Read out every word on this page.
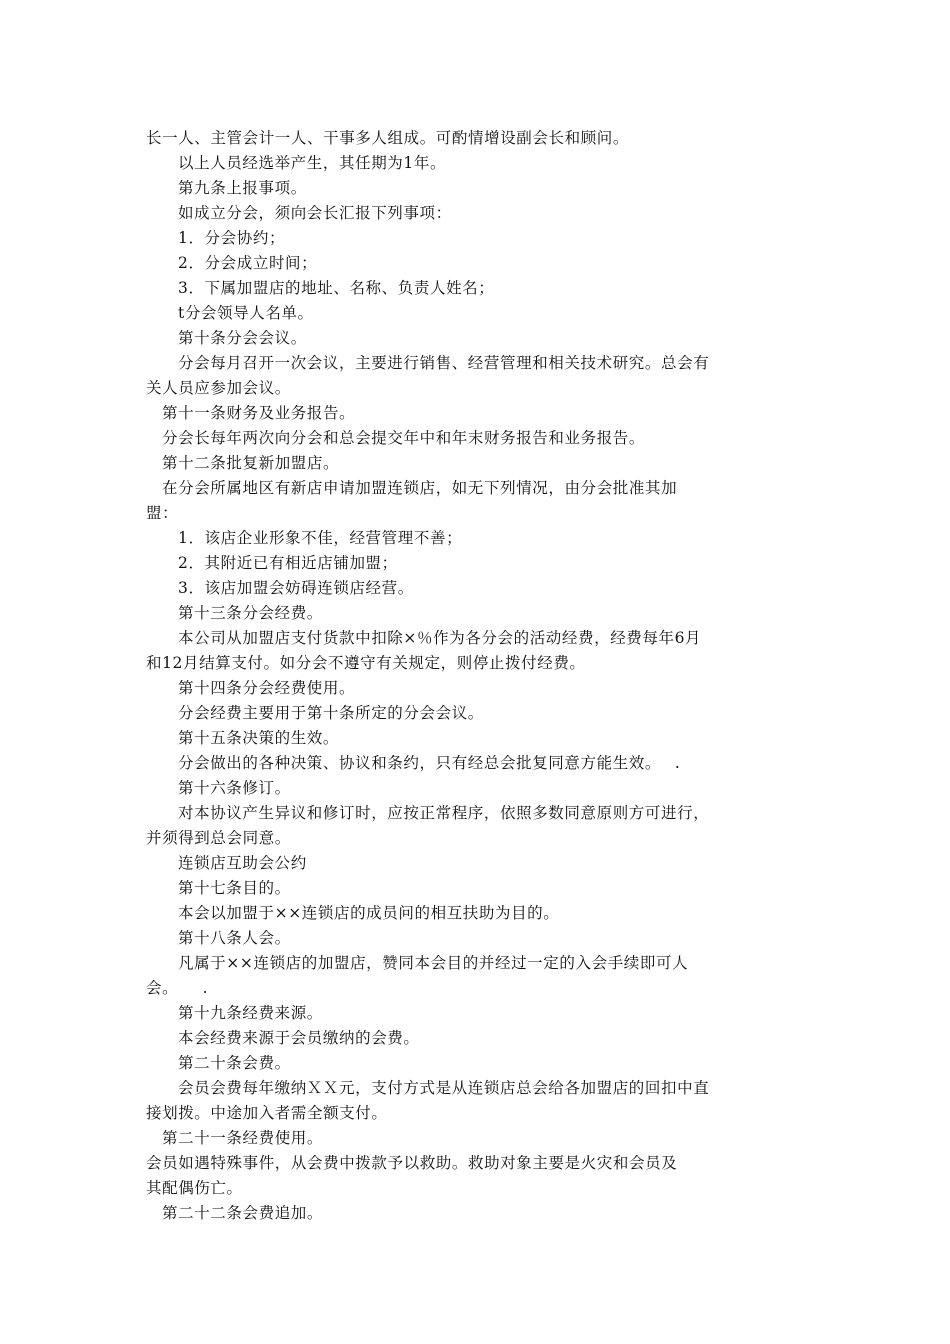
长一人、主管会计一人、干事多人组成。可酌情增设副会长和顾问。
以上人员经选举产生，其任期为1年。
第九条上报事项。
如成立分会，须向会长汇报下列事项：
1．分会协约；
2．分会成立时间；
3．下属加盟店的地址、名称、负责人姓名；
t分会领导人名单。
第十条分会会议。
分会每月召开一次会议，主要进行销售、经营管理和相关技术研究。总会有
关人员应参加会议。
第十一条财务及业务报告。
分会长每年两次向分会和总会提交年中和年末财务报告和业务报告。
第十二条批复新加盟店。
在分会所属地区有新店申请加盟连锁店，如无下列情况，由分会批准其加
盟：
1．该店企业形象不佳，经营管理不善；
2．其附近已有相近店铺加盟；
3．该店加盟会妨碍连锁店经营。
第十三条分会经费。
本公司从加盟店支付货款中扣除×％作为各分会的活动经费，经费每年6月
和12月结算支付。如分会不遵守有关规定，则停止拨付经费。
第十四条分会经费使用。
分会经费主要用于第十条所定的分会会议。
第十五条决策的生效。
分会做出的各种决策、协议和条约，只有经总会批复同意方能生效。　 .
第十六条修订。
对本协议产生异议和修订时，应按正常程序，依照多数同意原则方可进行，
并须得到总会同意。
连锁店互助会公约
第十七条目的。
本会以加盟于××连锁店的成员问的相互扶助为目的。
第十八条人会。
凡属于××连锁店的加盟店，赞同本会目的并经过一定的入会手续即可人
会。　　.
第十九条经费来源。
本会经费来源于会员缴纳的会费。
第二十条会费。
会员会费每年缴纳ＸＸ元，支付方式是从连锁店总会给各加盟店的回扣中直
接划拨。中途加入者需全额支付。
第二十一条经费使用。
会员如遇特殊事件，从会费中拨款予以救助。救助对象主要是火灾和会员及
其配偶伤亡。
第二十二条会费追加。
